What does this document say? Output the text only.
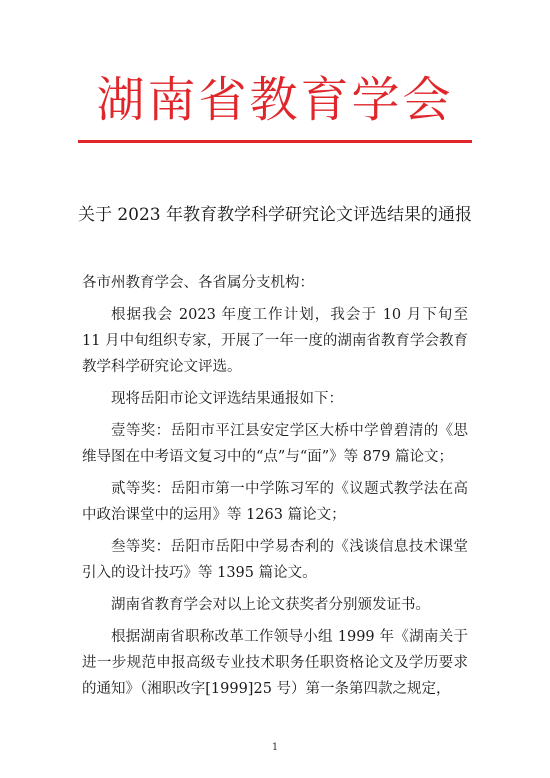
湖南省教育学会
关于 2023 年教育教学科学研究论文评选结果的通报

各市州教育学会、各省属分支机构：

根据我会 2023 年度工作计划，我会于 10 月下旬至 11 月中旬组织专家，开展了一年一度的湖南省教育学会教育教学科学研究论文评选。

现将岳阳市论文评选结果通报如下：

壹等奖：岳阳市平江县安定学区大桥中学曾碧清的《思维导图在中考语文复习中的“点”与“面”》等 879 篇论文；

贰等奖：岳阳市第一中学陈习军的《议题式教学法在高中政治课堂中的运用》等 1263 篇论文；

叁等奖：岳阳市岳阳中学易杏利的《浅谈信息技术课堂引入的设计技巧》等 1395 篇论文。

湖南省教育学会对以上论文获奖者分别颁发证书。

根据湖南省职称改革工作领导小组 1999 年《湖南关于进一步规范申报高级专业技术职务任职资格论文及学历要求的通知》（湘职改字[1999]25 号）第一条第四款之规定，

1
